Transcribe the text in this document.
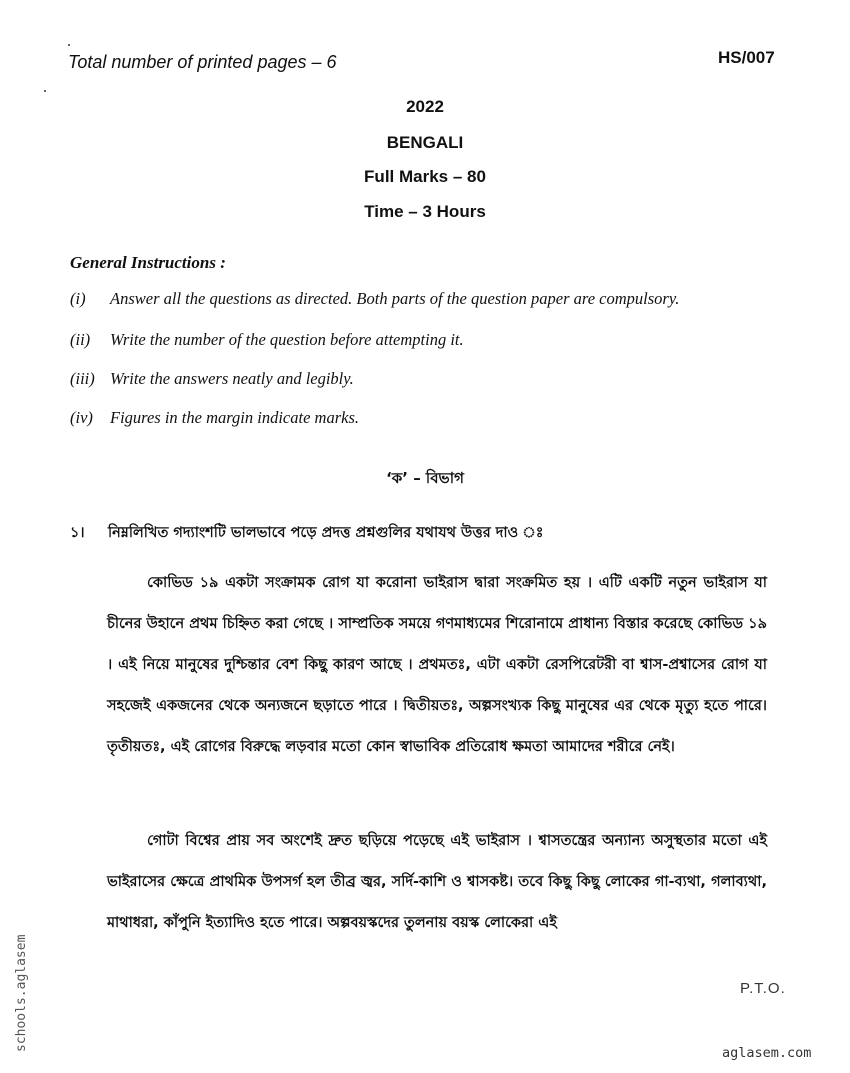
Total number of printed pages – 6	HS/007
2022
BENGALI
Full Marks – 80
Time – 3 Hours
General Instructions :
(i) Answer all the questions as directed. Both parts of the question paper are compulsory.
(ii) Write the number of the question before attempting it.
(iii) Write the answers neatly and legibly.
(iv) Figures in the margin indicate marks.
‘ক’ – বিভাগ
১। নিম্নলিখিত গদ্যাংশটি ভালভাবে পড়ে প্রদত্ত প্রশ্নগুলির যথাযথ উত্তর দাও ঃ

কোভিড ১৯ একটা সংক্রামক রোগ যা করোনা ভাইরাস দ্বারা সংক্রমিত হয় । এটি একটি নতুন ভাইরাস যা চীনের উহানে প্রথম চিহ্নিত করা গেছে । সাম্প্রতিক সময়ে গণমাধ্যমের শিরোনামে প্রাধান্য বিস্তার করেছে কোভিড ১৯ । এই নিয়ে মানুষের দুশ্চিন্তার বেশ কিছু কারণ আছে । প্রথমতঃ, এটা একটা রেসপিরেটরী বা শ্বাস-প্রশ্বাসের রোগ যা সহজেই একজনের থেকে অন্যজনে ছড়াতে পারে । দ্বিতীয়তঃ, অল্পসংখ্যক কিছু মানুষের এর থেকে মৃত্যু হতে পারে। তৃতীয়তঃ, এই রোগের বিরুদ্ধে লড়বার মতো কোন স্বাভাবিক প্রতিরোধ ক্ষমতা আমাদের শরীরে নেই।

গোটা বিশ্বের প্রায় সব অংশেই দ্রুত ছড়িয়ে পড়েছে এই ভাইরাস । শ্বাসতন্ত্রের অন্যান্য অসুস্থতার মতো এই ভাইরাসের ক্ষেত্রে প্রাথমিক উপসর্গ হল তীব্র জ্বর, সর্দি-কাশি ও শ্বাসকষ্ট। তবে কিছু কিছু লোকের গা-ব্যথা, গলাব্যথা, মাথাধরা, কাঁপুনি ইত্যাদিও হতে পারে। অল্পবয়স্কদের তুলনায় বয়স্ক লোকেরা এই

P.T.O.
schools.aglasem
aglasem.com
